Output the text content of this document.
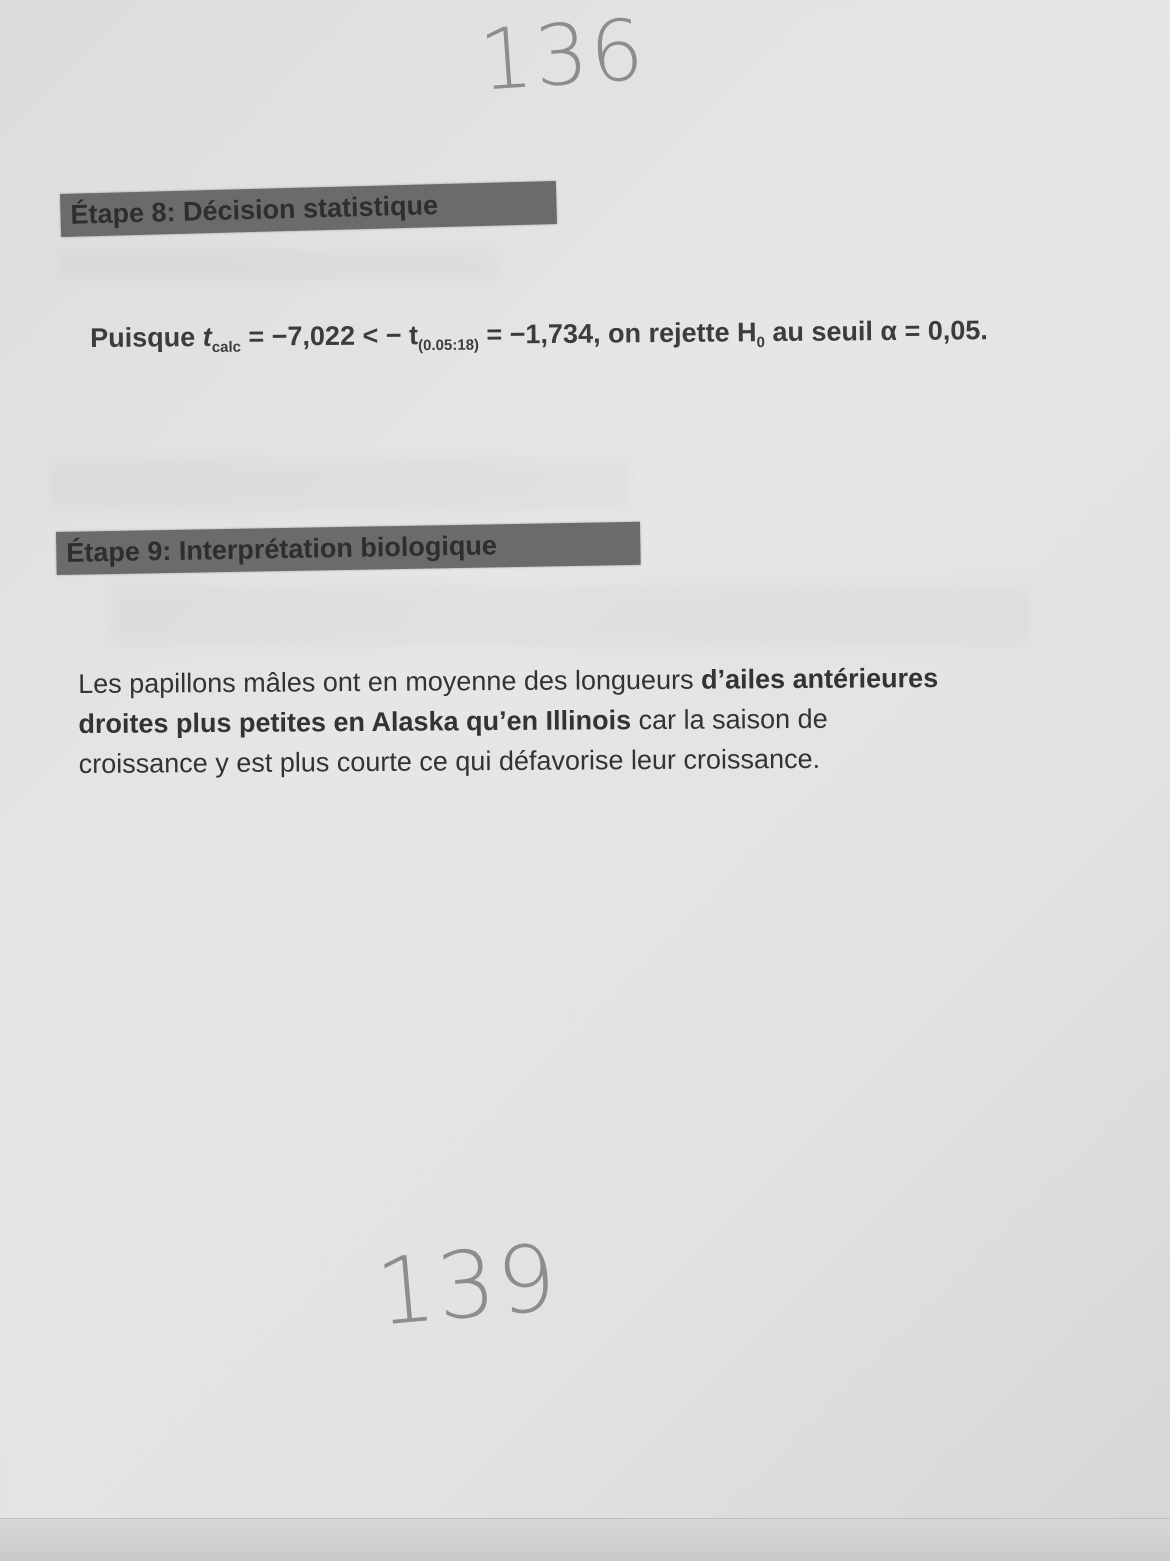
136
Étape 8: Décision statistique
Puisque $t_{calc} = -7,022$ < − $t_{(0.05:18)} = -1,734$, on rejette $H_0$ au seuil α = 0,05.
Étape 9: Interprétation biologique
Les papillons mâles ont en moyenne des longueurs d’ailes antérieures
droites plus petites en Alaska qu’en Illinois car la saison de
croissance y est plus courte ce qui défavorise leur croissance.
139
